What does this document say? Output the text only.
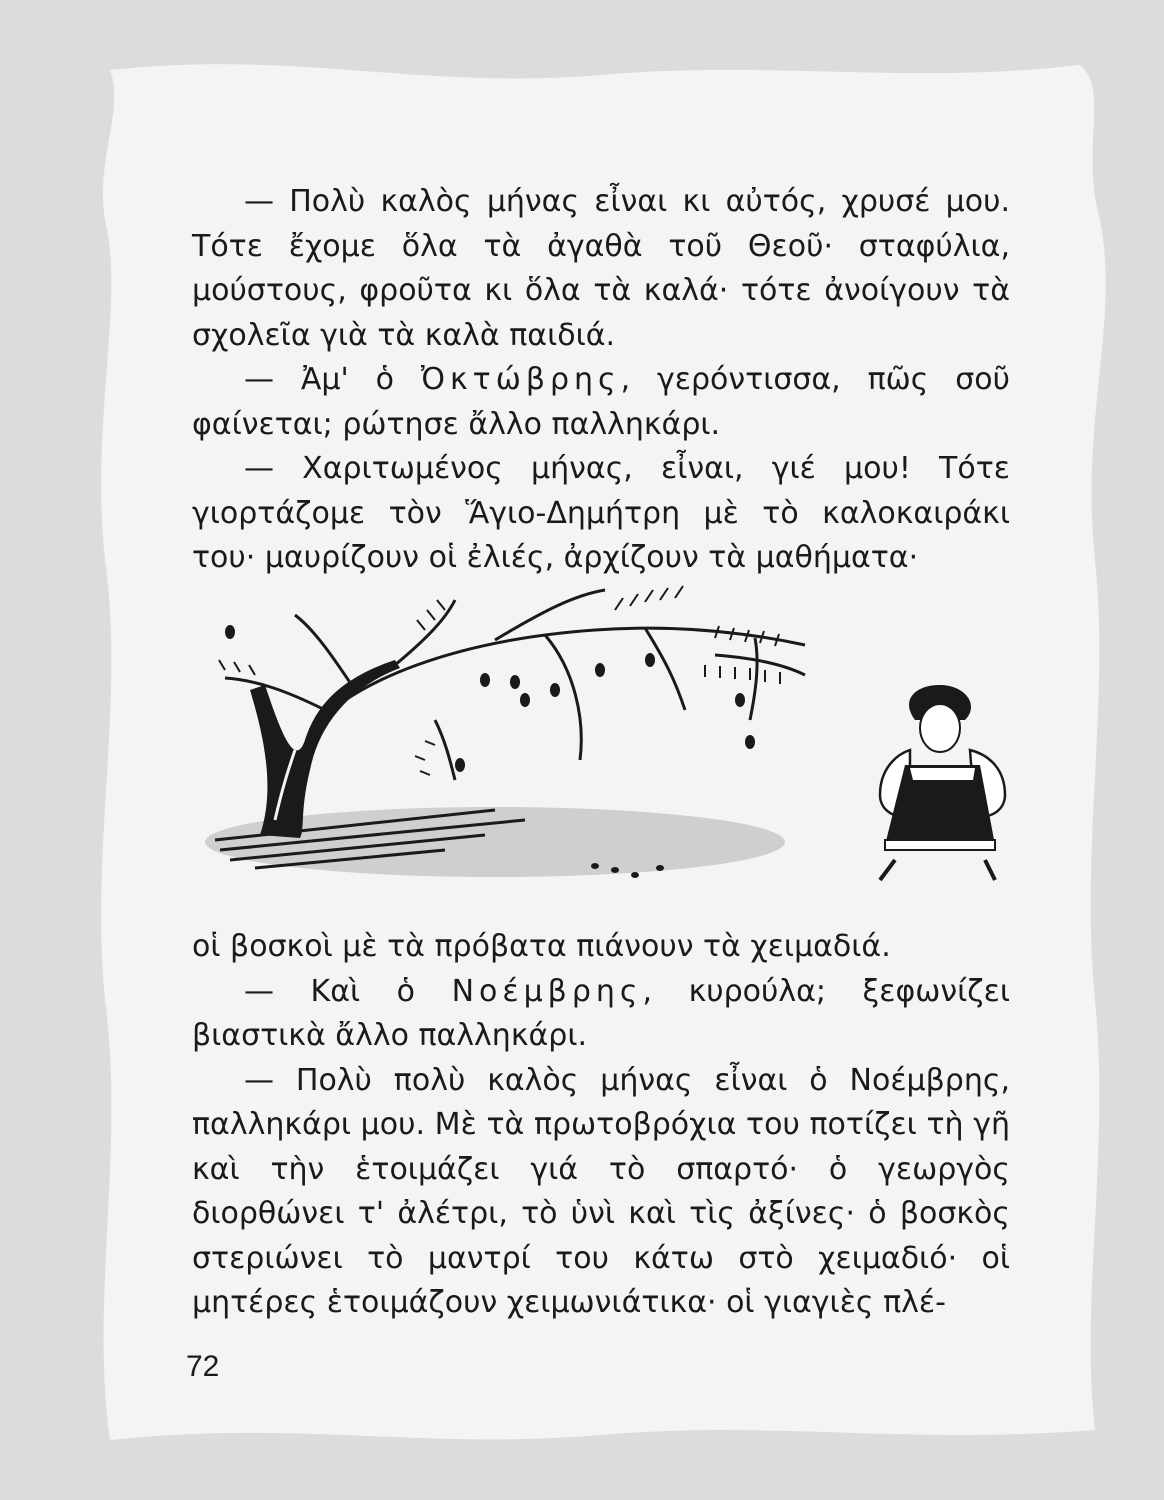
— Πολὺ καλὸς μήνας εἶναι κι αὐτός, χρυσέ μου. Τότε ἔχομε ὅλα τὰ ἀγαθὰ τοῦ Θεοῦ· σταφύλια, μούστους, φροῦτα κι ὅλα τὰ καλά· τότε ἀνοίγουν τὰ σχολεῖα γιὰ τὰ καλὰ παιδιά.

— Ἀμ' ὁ Ὀκτώβρης, γερόντισσα, πῶς σοῦ φαίνεται; ρώτησε ἄλλο παλληκάρι.

— Χαριτωμένος μήνας, εἶναι, γιέ μου! Τότε γιορτάζομε τὸν Ἅγιο-Δημήτρη μὲ τὸ καλοκαιράκι του· μαυρίζουν οἱ ἐλιές, ἀρχίζουν τὰ μαθήματα·

οἱ βοσκοὶ μὲ τὰ πρόβατα πιάνουν τὰ χειμαδιά.

— Καὶ ὁ Νοέμβρης, κυρούλα; ξεφωνίζει βιαστικὰ ἄλλο παλληκάρι.

— Πολὺ πολὺ καλὸς μήνας εἶναι ὁ Νοέμβρης, παλληκάρι μου. Μὲ τὰ πρωτοβρόχια του ποτίζει τὴ γῆ καὶ τὴν ἑτοιμάζει γιά τὸ σπαρτό· ὁ γεωργὸς διορθώνει τ' ἀλέτρι, τὸ ὑνὶ καὶ τὶς ἀξίνες· ὁ βοσκὸς στεριώνει τὸ μαντρί του κάτω στὸ χειμαδιό· οἱ μητέρες ἑτοιμάζουν χειμωνιάτικα· οἱ γιαγιὲς πλέ-

72
